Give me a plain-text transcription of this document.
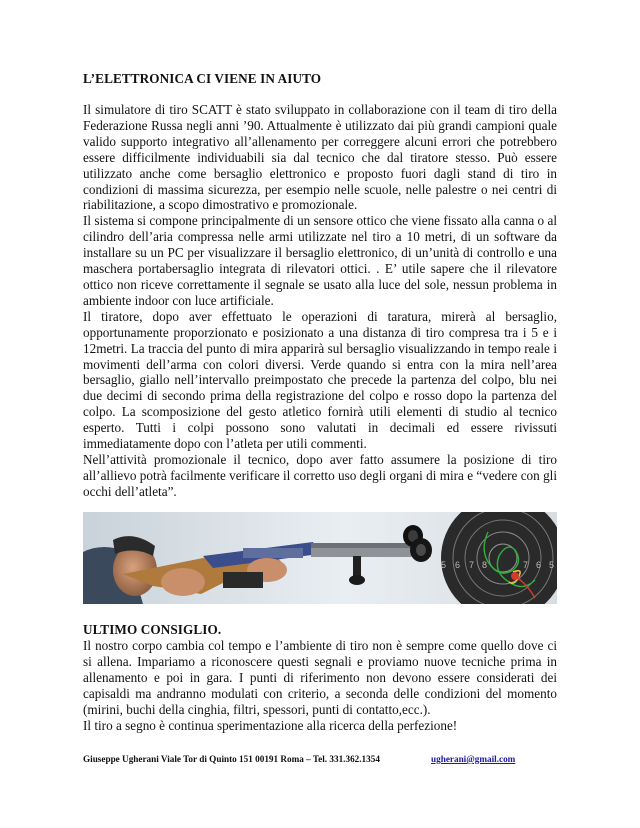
L’ELETTRONICA CI VIENE IN AIUTO

Il simulatore di tiro SCATT è stato sviluppato in collaborazione con il team di tiro della Federazione Russa negli anni ’90. Attualmente è utilizzato dai più grandi campioni quale valido supporto integrativo all’allenamento per correggere alcuni errori che potrebbero essere difficilmente individuabili sia dal tecnico che dal tiratore stesso. Può essere utilizzato anche come bersaglio elettronico e proposto fuori dagli stand di tiro in condizioni di massima sicurezza, per esempio nelle scuole, nelle palestre o nei centri di riabilitazione, a scopo dimostrativo e promozionale.

Il sistema si compone principalmente di un sensore ottico che viene fissato alla canna o al cilindro dell’aria compressa nelle armi utilizzate nel tiro a 10 metri, di un software da installare su un PC per visualizzare il bersaglio elettronico, di un’unità di controllo e una maschera portabersaglio integrata di rilevatori ottici. . E’ utile sapere che il rilevatore ottico non riceve correttamente il segnale se usato alla luce del sole, nessun problema in ambiente indoor con luce artificiale.

Il tiratore, dopo aver effettuato le operazioni di taratura, mirerà al bersaglio, opportunamente proporzionato e posizionato a una distanza di tiro compresa tra i 5 e i 12metri. La traccia del punto di mira apparirà sul bersaglio visualizzando in tempo reale i movimenti dell’arma con colori diversi. Verde quando si entra con la mira nell’area bersaglio, giallo nell’intervallo preimpostato che precede la partenza del colpo, blu nei due decimi di secondo prima della registrazione del colpo e rosso dopo la partenza del colpo. La scomposizione del gesto atletico fornirà utili elementi di studio al tecnico esperto. Tutti i colpi possono sono valutati in decimali ed essere rivissuti immediatamente dopo con l’atleta per utili commenti.

Nell’attività promozionale il tecnico, dopo aver fatto assumere la posizione di tiro all’allievo potrà facilmente verificare il corretto uso degli organi di mira e “vedere con gli occhi dell’atleta”.

5 6 7 8	7 6 5
ULTIMO CONSIGLIO.

Il nostro corpo cambia col tempo e l’ambiente di tiro non è sempre come quello dove ci si allena. Impariamo a riconoscere questi segnali e proviamo nuove tecniche prima in allenamento e poi in gara. I punti di riferimento non devono essere considerati dei capisaldi ma andranno modulati con criterio, a seconda delle condizioni del momento (mirini, buchi della cinghia, filtri, spessori, punti di contatto,ecc.).

Il tiro a segno è continua sperimentazione alla ricerca della perfezione!

Giuseppe Ugherani Viale Tor di Quinto 151 00191 Roma – Tel. 331.362.1354	ugherani@gmail.com
